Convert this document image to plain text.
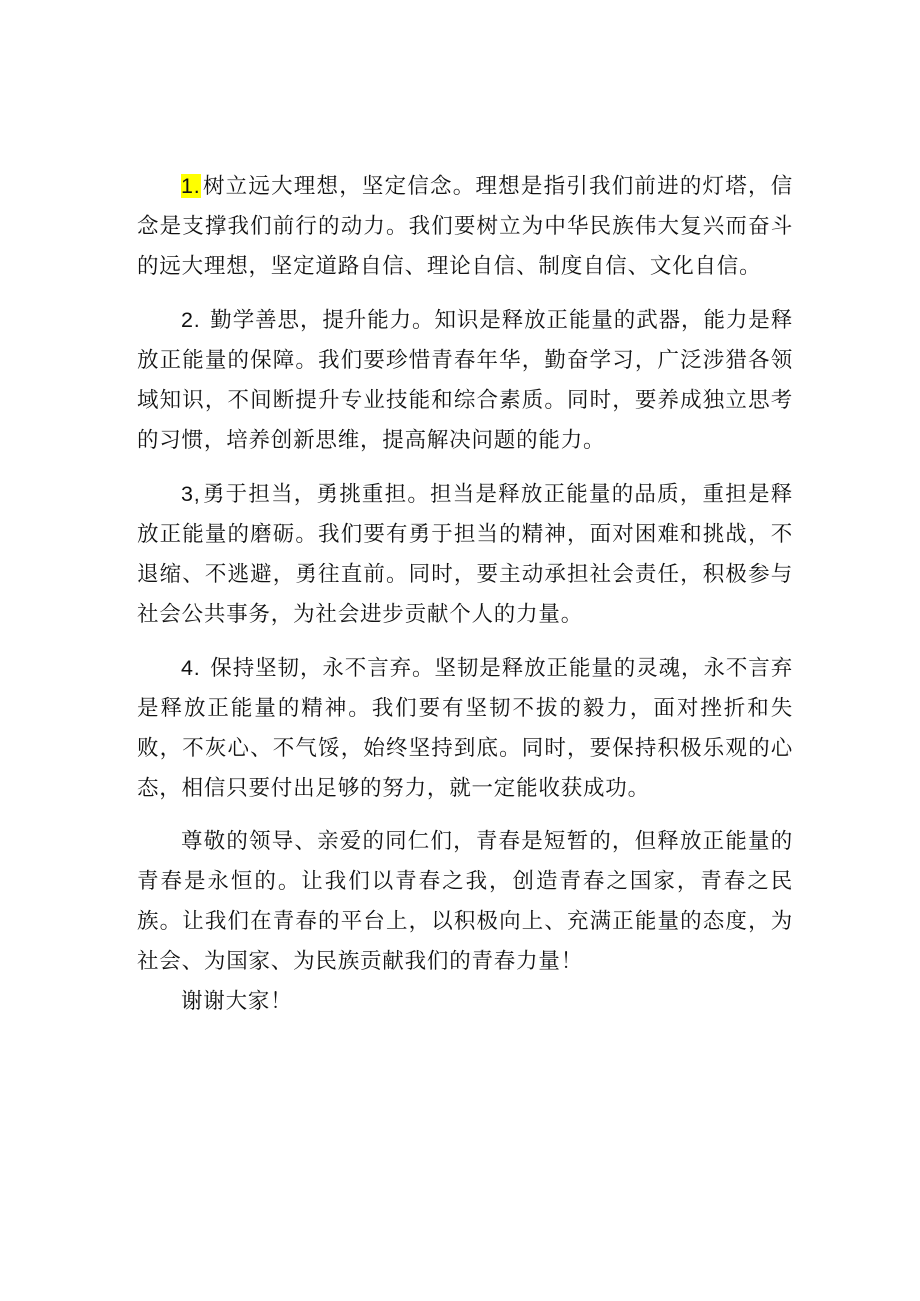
1.树立远大理想，坚定信念。理想是指引我们前进的灯塔，信念是支撑我们前行的动力。我们要树立为中华民族伟大复兴而奋斗的远大理想，坚定道路自信、理论自信、制度自信、文化自信。

2. 勤学善思，提升能力。知识是释放正能量的武器，能力是释放正能量的保障。我们要珍惜青春年华，勤奋学习，广泛涉猎各领域知识，不间断提升专业技能和综合素质。同时，要养成独立思考的习惯，培养创新思维，提高解决问题的能力。

3,勇于担当，勇挑重担。担当是释放正能量的品质，重担是释放正能量的磨砺。我们要有勇于担当的精神，面对困难和挑战，不退缩、不逃避，勇往直前。同时，要主动承担社会责任，积极参与社会公共事务，为社会进步贡献个人的力量。

4. 保持坚韧，永不言弃。坚韧是释放正能量的灵魂，永不言弃是释放正能量的精神。我们要有坚韧不拔的毅力，面对挫折和失败，不灰心、不气馁，始终坚持到底。同时，要保持积极乐观的心态，相信只要付出足够的努力，就一定能收获成功。

尊敬的领导、亲爱的同仁们，青春是短暂的，但释放正能量的青春是永恒的。让我们以青春之我，创造青春之国家，青春之民族。让我们在青春的平台上，以积极向上、充满正能量的态度，为社会、为国家、为民族贡献我们的青春力量！

谢谢大家！
